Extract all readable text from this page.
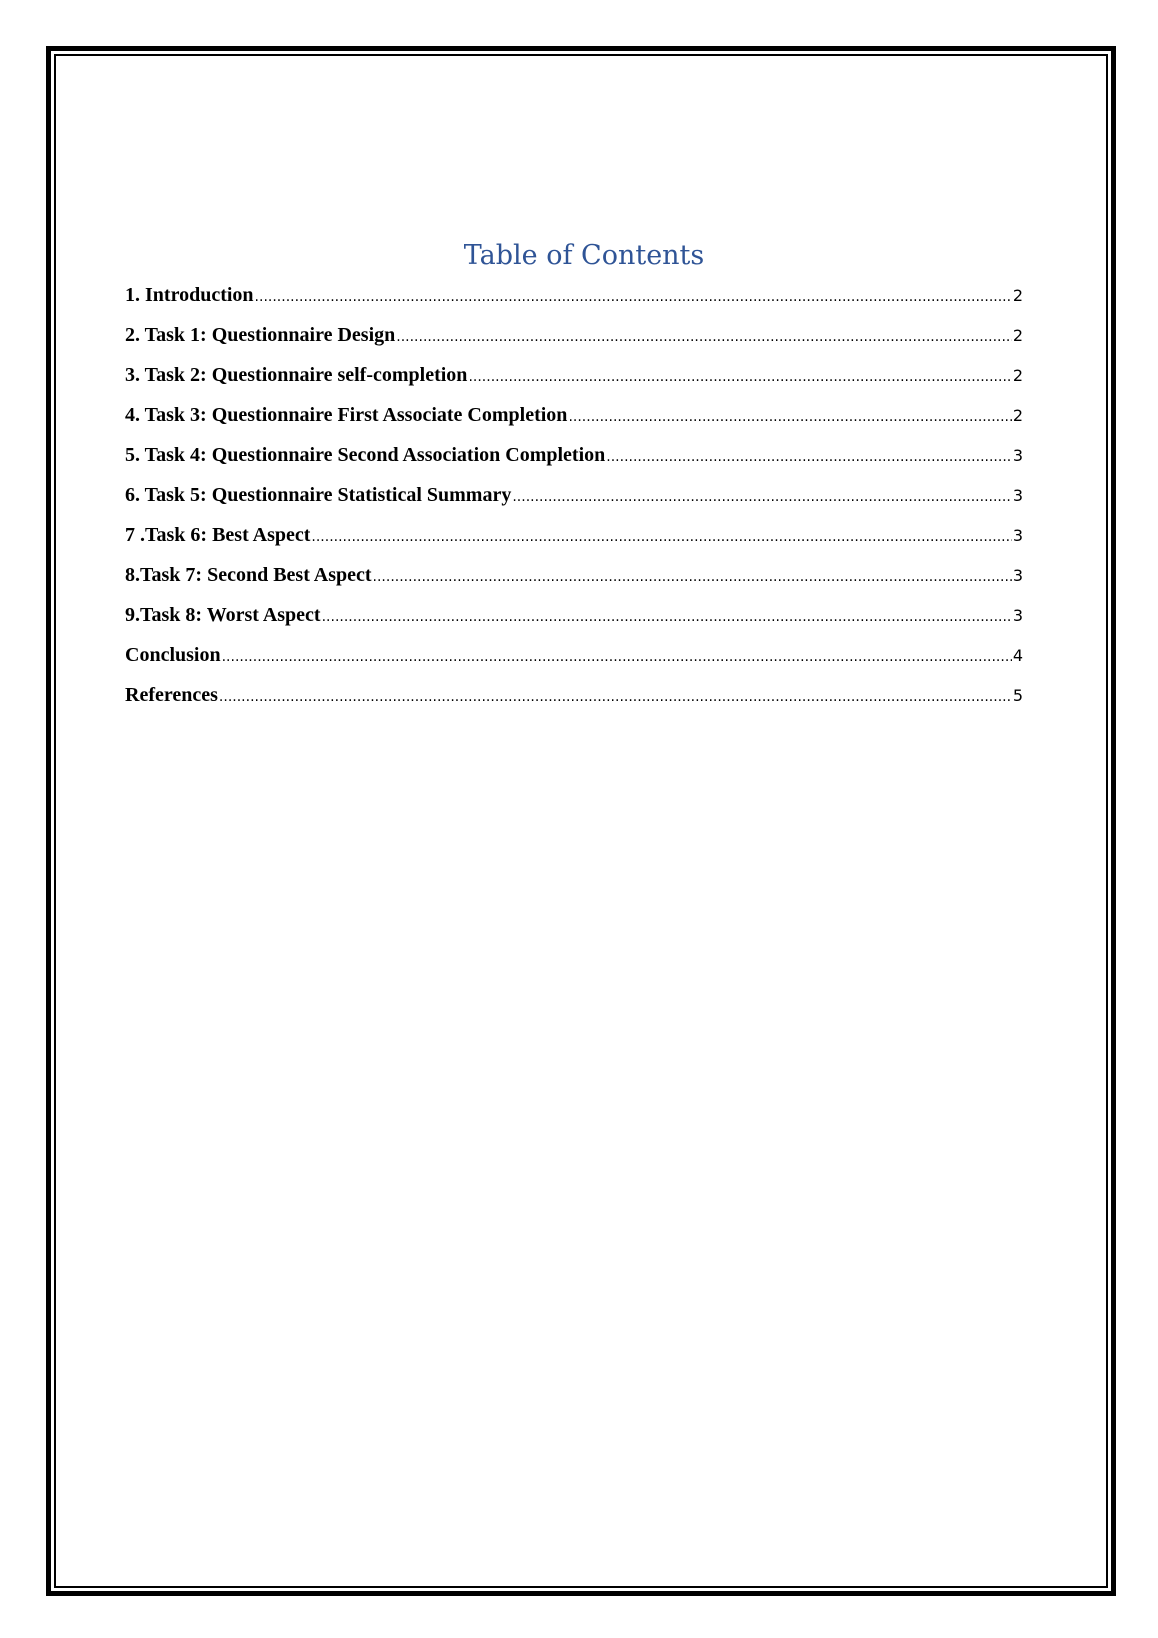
Table of Contents
1. Introduction .....	2
2. Task 1: Questionnaire Design .....	2
3. Task 2: Questionnaire self-completion .....	2
4. Task 3: Questionnaire First Associate Completion .....	2
5. Task 4: Questionnaire Second Association Completion .....	3
6. Task 5: Questionnaire Statistical Summary .....	3
7 .Task 6: Best Aspect .....	3
8.Task 7: Second Best Aspect .....	3
9.Task 8: Worst Aspect .....	3
Conclusion .....	4
References .....	5
